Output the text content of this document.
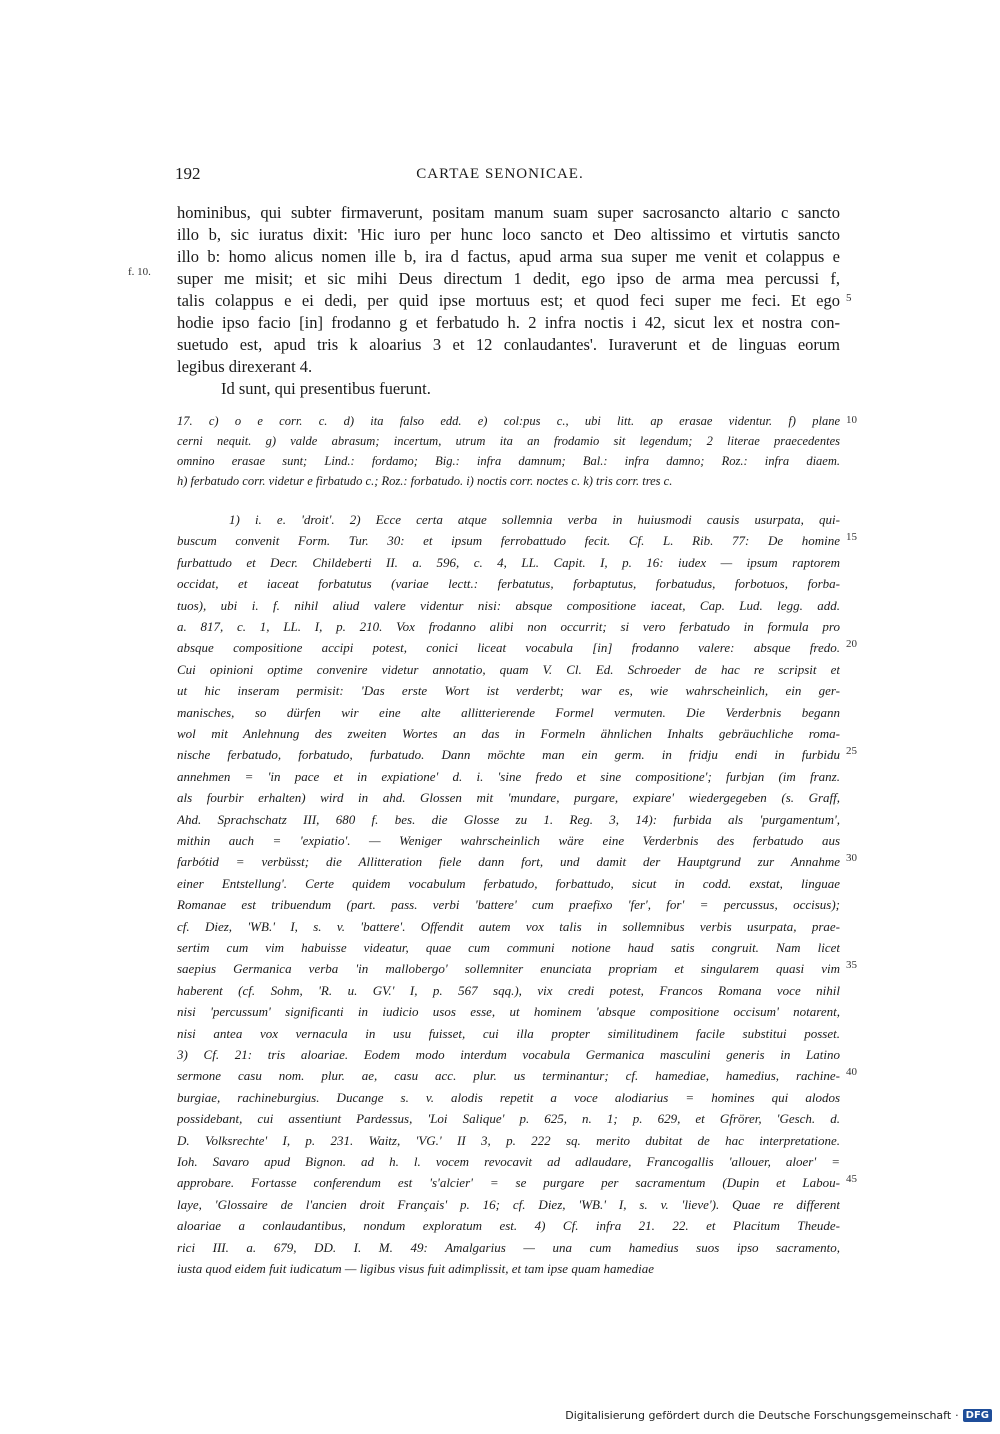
192	CARTAE SENONICAE.
f. 10.
hominibus, qui subter firmaverunt, positam manum suam super sacrosancto altario c sancto
illo b, sic iuratus dixit: 'Hic iuro per hunc loco sancto et Deo altissimo et virtutis sancto
illo b: homo alicus nomen ille b, ira d factus, apud arma sua super me venit et colappus e
super me misit; et sic mihi Deus directum 1 dedit, ego ipso de arma mea percussi f,
talis colappus e ei dedi, per quid ipse mortuus est; et quod feci super me feci. Et ego
hodie ipso facio [in] frodanno g et ferbatudo h. 2 infra noctis i 42, sicut lex et nostra con-
suetudo est, apud tris k aloarius 3 et 12 conlaudantes'. Iuraverunt et de linguas eorum
legibus direxerant 4.
Id sunt, qui presentibus fuerunt.
5
17. c) o e corr. c. d) ita falso edd. e) col:pus c., ubi litt. ap erasae videntur. f) plane
cerni nequit. g) valde abrasum; incertum, utrum ita an frodamio sit legendum; 2 literae praecedentes
omnino erasae sunt; Lind.: fordamo; Big.: infra damnum; Bal.: infra damno; Roz.: infra diaem.
h) ferbatudo corr. videtur e firbatudo c.; Roz.: forbatudo. i) noctis corr. noctes c. k) tris corr. tres c.
10
1) i. e. 'droit'. 2) Ecce certa atque sollemnia verba in huiusmodi causis usurpata, qui-
buscum convenit Form. Tur. 30: et ipsum ferrobattudo fecit. Cf. L. Rib. 77: De homine
furbattudo et Decr. Childeberti II. a. 596, c. 4, LL. Capit. I, p. 16: iudex — ipsum raptorem
occidat, et iaceat forbatutus (variae lectt.: ferbatutus, forbaptutus, forbatudus, forbotuos, forba-
tuos), ubi i. f. nihil aliud valere videntur nisi: absque compositione iaceat, Cap. Lud. legg. add.
a. 817, c. 1, LL. I, p. 210. Vox frodanno alibi non occurrit; si vero ferbatudo in formula pro
absque compositione accipi potest, conici liceat vocabula [in] frodanno valere: absque fredo.
Cui opinioni optime convenire videtur annotatio, quam V. Cl. Ed. Schroeder de hac re scripsit et
ut hic inseram permisit: 'Das erste Wort ist verderbt; war es, wie wahrscheinlich, ein ger-
manisches, so dürfen wir eine alte allitterierende Formel vermuten. Die Verderbnis begann
wol mit Anlehnung des zweiten Wortes an das in Formeln ähnlichen Inhalts gebräuchliche roma-
nische ferbatudo, forbatudo, furbatudo. Dann möchte man ein germ. in fridju endi in furbidu
annehmen = 'in pace et in expiatione' d. i. 'sine fredo et sine compositione'; furbjan (im franz.
als fourbir erhalten) wird in ahd. Glossen mit 'mundare, purgare, expiare' wiedergegeben (s. Graff,
Ahd. Sprachschatz III, 680 f. bes. die Glosse zu 1. Reg. 3, 14): furbida als 'purgamentum',
mithin auch = 'expiatio'. — Weniger wahrscheinlich wäre eine Verderbnis des ferbatudo aus
farbótid = verbüsst; die Allitteration fiele dann fort, und damit der Hauptgrund zur Annahme
einer Entstellung'. Certe quidem vocabulum ferbatudo, forbattudo, sicut in codd. exstat, linguae
Romanae est tribuendum (part. pass. verbi 'battere' cum praefixo 'fer', for' = percussus, occisus);
cf. Diez, 'WB.' I, s. v. 'battere'. Offendit autem vox talis in sollemnibus verbis usurpata, prae-
sertim cum vim habuisse videatur, quae cum communi notione haud satis congruit. Nam licet
saepius Germanica verba 'in mallobergo' sollemniter enunciata propriam et singularem quasi vim
haberent (cf. Sohm, 'R. u. GV.' I, p. 567 sqq.), vix credi potest, Francos Romana voce nihil
nisi 'percussum' significanti in iudicio usos esse, ut hominem 'absque compositione occisum' notarent,
nisi antea vox vernacula in usu fuisset, cui illa propter similitudinem facile substitui posset.
3) Cf. 21: tris aloariae. Eodem modo interdum vocabula Germanica masculini generis in Latino
sermone casu nom. plur. ae, casu acc. plur. us terminantur; cf. hamediae, hamedius, rachine-
burgiae, rachineburgius. Ducange s. v. alodis repetit a voce alodiarius = homines qui alodos
possidebant, cui assentiunt Pardessus, 'Loi Salique' p. 625, n. 1; p. 629, et Gfrörer, 'Gesch. d.
D. Volksrechte' I, p. 231. Waitz, 'VG.' II 3, p. 222 sq. merito dubitat de hac interpretatione.
Ioh. Savaro apud Bignon. ad h. l. vocem revocavit ad adlaudare, Francogallis 'allouer, aloer' =
approbare. Fortasse conferendum est 's'alcier' = se purgare per sacramentum (Dupin et Labou-
laye, 'Glossaire de l'ancien droit Français' p. 16; cf. Diez, 'WB.' I, s. v. 'lieve'). Quae re different
aloariae a conlaudantibus, nondum exploratum est. 4) Cf. infra 21. 22. et Placitum Theude-
rici III. a. 679, DD. I. M. 49: Amalgarius — una cum hamedius suos ipso sacramento,
iusta quod eidem fuit iudicatum — ligibus visus fuit adimplissit, et tam ipse quam hamediae
15
20
25
30
35
40
45
Digitalisierung gefördert durch die Deutsche Forschungsgemeinschaft · DFG
